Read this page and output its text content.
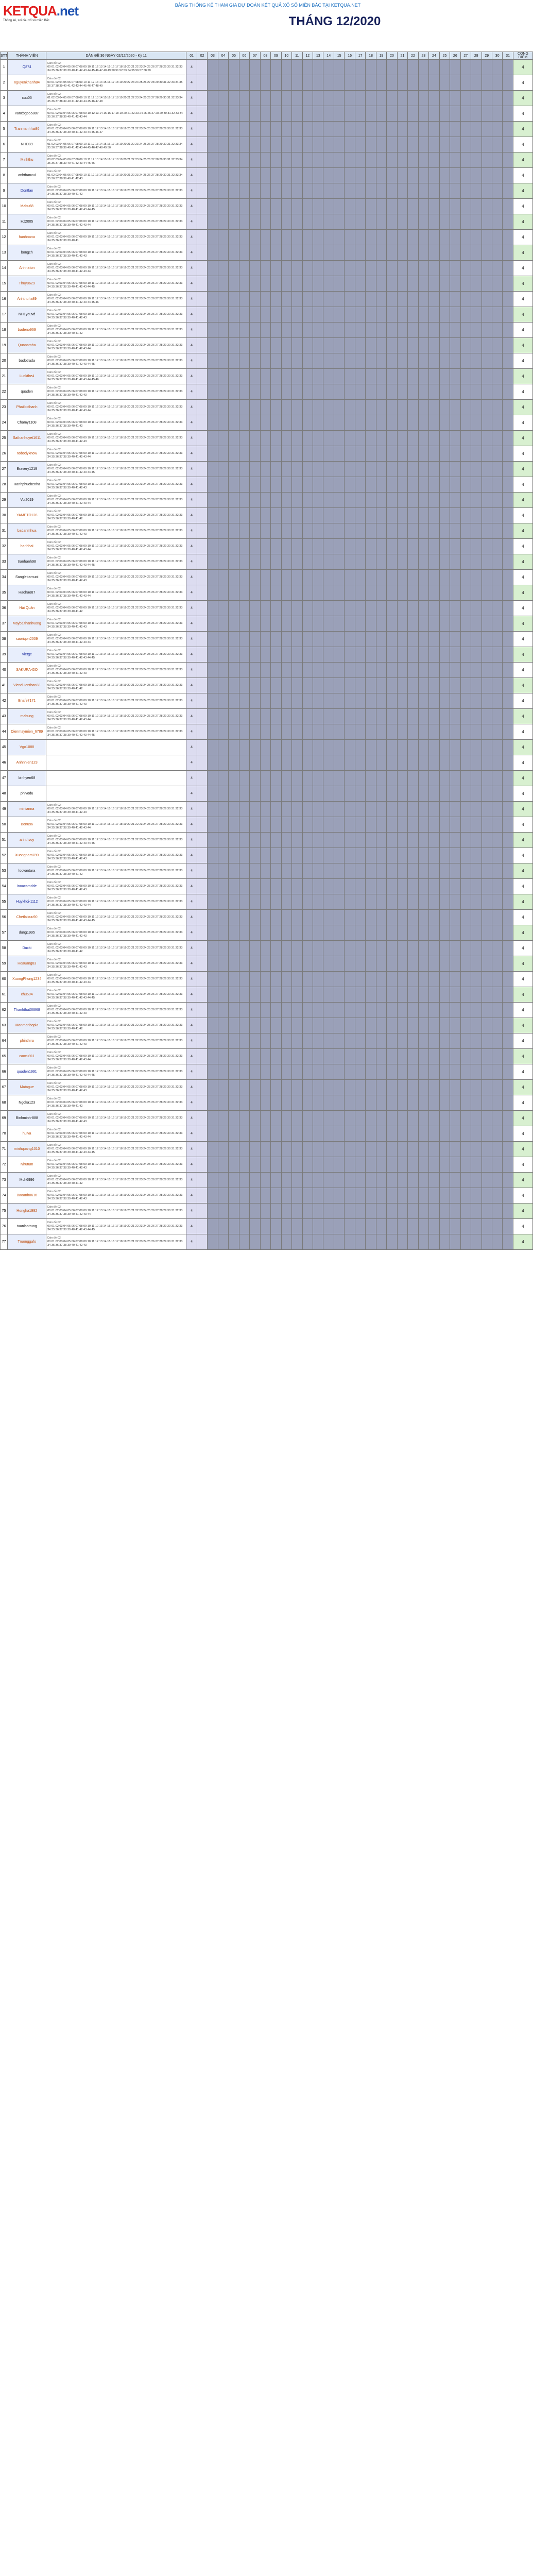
KETQUA.net
Thống kê, soi cầu xổ số miền Bắc
BẢNG THỐNG KÊ THAM GIA DỰ ĐOÁN KẾT QUẢ XỔ SỐ MIỀN BẮC TẠI KETQUA.NET
THÁNG 12/2020
STT	THÀNH VIÊN	DÀN ĐỀ 36 NGÀY 02/12/2020 - Kỳ 11	01	02	03	04	05	06	07	08	09	10	11	12	13	14	15	16	17	18	19	20	21	22	23	24	25	26	27	28	29	30	31	CỘNG ĐIỂM
1	Q874	Dàn đề 02:
00 01 02 03 04 05 06 07 08 09 10 11 12 13 14 15 16 17 18 19 20 21 22 23 24 25 26 27 28 29 30 31 32 33 34 35 36 37 38 39 40 41 42 43 44 45 46 47 48 49 50 51 52 53 54 55 56 57 58 59	4																															4
2	nguyenkhanh84	Dàn đề 02:
00 01 02 04 05 06 07 08 09 10 11 12 13 14 15 16 17 18 19 20 22 23 24 25 26 27 28 29 30 31 32 33 34 35 36 37 38 39 40 41 42 43 44 45 46 47 48 49	4																															4
3	cuu05	Dàn đề 02:
01 02 03 04 05 06 07 08 09 10 11 12 13 14 15 16 17 18 19 20 21 22 23 24 25 26 27 28 29 30 31 32 33 34 35 36 37 38 39 40 41 42 43 44 45 46 47 48	4																															4
4	vanxbgo55887	Dàn đề 02:
00 01 02 03 04 05 06 07 08 09 10 12 13 14 15 16 17 18 19 20 21 22 23 24 25 26 27 28 29 30 31 32 33 34 35 36 37 38 39 40 41 42 43 44	4																															4
5	Tranmanhhai86	Dàn đề 02:
00 01 02 03 04 05 06 07 08 09 10 11 12 13 14 15 16 17 18 19 20 21 22 23 24 25 26 27 28 29 30 31 32 33 34 35 36 37 38 39 40 41 42 43 44 45 46 47	4																															4
6	NHD89	Dàn đề 02:
01 02 03 04 05 06 07 08 09 10 11 12 13 14 15 16 17 18 19 20 21 22 23 24 25 26 27 28 29 30 31 32 33 34 35 36 37 38 39 40 41 42 43 44 45 46 47 48 49 50	4																															4
7	Minhthu	Dàn đề 02:
00 02 03 04 05 06 07 08 09 10 11 12 13 14 15 16 17 18 19 20 21 22 23 24 25 26 27 28 29 30 31 32 33 34 35 36 37 38 39 40 41 42 43 44 45 46	4																															4
8	anhthanvui	Dàn đề 02:
01 02 03 04 05 06 07 08 09 10 11 12 13 14 15 16 17 18 19 20 21 22 23 24 25 26 27 28 29 30 31 32 33 34 35 36 37 38 39 40 41 42 43	4																															4
9	Dontfan	Dàn đề 02:
00 01 02 03 04 05 06 07 08 09 10 11 12 13 14 15 16 17 18 19 20 21 22 23 24 25 26 27 28 29 30 31 32 33 34 35 36 37 38 39 40 41 42	4																															4
10	Mabu68	Dàn đề 02:
00 01 02 03 04 05 06 07 08 09 10 11 12 13 14 15 16 17 18 19 20 21 22 23 24 25 26 27 28 29 30 31 32 33 34 35 36 37 38 39 40 41 42 43 44 45	4																															4
11	Hz2005	Dàn đề 02:
00 01 02 03 04 05 06 07 08 09 10 11 12 13 14 15 16 17 18 19 20 21 22 23 24 25 26 27 28 29 30 31 32 33 34 35 36 37 38 39 40 41 42 43 44	4																															4
12	hanhnana	Dàn đề 02:
00 01 02 03 04 05 06 07 08 09 10 11 12 13 14 15 16 17 18 19 20 21 22 23 24 25 26 27 28 29 30 31 32 33 34 35 36 37 38 39 40 41	4																															4
13	bongch	Dàn đề 02:
00 01 02 03 04 05 06 07 08 09 10 11 12 13 14 15 16 17 18 19 20 21 22 23 24 25 26 27 28 29 30 31 32 33 34 35 36 37 38 39 40 41 42 43	4																															4
14	Anhnaton	Dàn đề 02:
00 01 02 03 04 05 06 07 08 09 10 11 12 13 14 15 16 17 18 19 20 21 22 23 24 25 26 27 28 29 30 31 32 33 34 35 36 37 38 39 40 41 42 43 44	4																															4
15	Thuy8629	Dàn đề 02:
00 01 02 03 04 05 06 07 08 09 10 11 12 13 14 15 16 17 18 19 20 21 22 23 24 25 26 27 28 29 30 31 32 33 34 35 36 37 38 39 40 41 42 43 44 45	4																															4
16	Anhthuha89	Dàn đề 02:
00 01 02 03 04 05 06 07 08 09 10 11 12 13 14 15 16 17 18 19 20 21 22 23 24 25 26 27 28 29 30 31 32 33 34 35 36 37 38 39 40 41 42 43 44 45 46	4																															4
17	NH1yeuvd	Dàn đề 02:
00 01 02 03 04 05 06 07 08 09 10 11 12 13 14 15 16 17 18 19 20 21 22 23 24 25 26 27 28 29 30 31 32 33 34 35 36 37 38 39 40 41 42 43	4																															4
18	badeno969	Dàn đề 02:
00 01 02 03 04 05 06 07 08 09 10 11 12 13 14 15 16 17 18 19 20 21 22 23 24 25 26 27 28 29 30 31 32 33 34 35 36 37 38 39 40 41 42	4																															4
19	Quanamha	Dàn đề 02:
00 01 02 03 04 05 06 07 08 09 10 11 12 13 14 15 16 17 18 19 20 21 22 23 24 25 26 27 28 29 30 31 32 33 34 35 36 37 38 39 40 41 42 43 44	4																															4
20	badotrada	Dàn đề 02:
00 01 02 03 04 05 06 07 08 09 10 11 12 13 14 15 16 17 18 19 20 21 22 23 24 25 26 27 28 29 30 31 32 33 34 35 36 37 38 39 40 41 42 43 44 45	4																															4
21	Luckthe4	Dàn đề 02:
00 01 02 03 04 05 06 07 08 09 10 11 12 13 14 15 16 17 18 19 20 21 22 23 24 25 26 27 28 29 30 31 32 33 34 35 36 37 38 39 40 41 42 43 44 45 46	4																															4
22	quaden	Dàn đề 02:
00 01 02 03 04 05 06 07 08 09 10 11 12 13 14 15 16 17 18 19 20 21 22 23 24 25 26 27 28 29 30 31 32 33 34 35 36 37 38 39 40 41 42 43	4																															4
23	Phatlocthanh	Dàn đề 02:
00 01 02 03 04 05 06 07 08 09 10 11 12 13 14 15 16 17 18 19 20 21 22 23 24 25 26 27 28 29 30 31 32 33 34 35 36 37 38 39 40 41 42 43 44	4																															4
24	Chamy1108	Dàn đề 02:
00 01 02 03 04 05 06 07 08 09 10 11 12 13 14 15 16 17 18 19 20 21 22 23 24 25 26 27 28 29 30 31 32 33 34 35 36 37 38 39 40 41 42	4																															4
25	Sathanhuyet1611	Dàn đề 02:
00 01 02 03 04 05 06 07 08 09 10 11 12 13 14 15 16 17 18 19 20 21 22 23 24 25 26 27 28 29 30 31 32 33 34 35 36 37 38 39 40 41 42 43	4																															4
26	nobodyknow	Dàn đề 02:
00 01 02 03 04 05 06 07 08 09 10 11 12 13 14 15 16 17 18 19 20 21 22 23 24 25 26 27 28 29 30 31 32 33 34 35 36 37 38 39 40 41 42 43 44	4																															4
27	Bravery1219	Dàn đề 02:
00 01 02 03 04 05 06 07 08 09 10 11 12 13 14 15 16 17 18 19 20 21 22 23 24 25 26 27 28 29 30 31 32 33 34 35 36 37 38 39 40 41 42 43 44 45	4																															4
28	Hanhphucbenha	Dàn đề 02:
00 01 02 03 04 05 06 07 08 09 10 11 12 13 14 15 16 17 18 19 20 21 22 23 24 25 26 27 28 29 30 31 32 33 34 35 36 37 38 39 40 41 42 43	4																															4
29	Vui2019	Dàn đề 02:
00 01 02 03 04 05 06 07 08 09 10 11 12 13 14 15 16 17 18 19 20 21 22 23 24 25 26 27 28 29 30 31 32 33 34 35 36 37 38 39 40 41 42 43 44	4																															4
30	YAMETO128	Dàn đề 02:
00 01 02 03 04 05 06 07 08 09 10 11 12 13 14 15 16 17 18 19 20 21 22 23 24 25 26 27 28 29 30 31 32 33 34 35 36 37 38 39 40 41 42	4																															4
31	badanmhua	Dàn đề 02:
00 01 02 03 04 05 06 07 08 09 10 11 12 13 14 15 16 17 18 19 20 21 22 23 24 25 26 27 28 29 30 31 32 33 34 35 36 37 38 39 40 41 42 43	4																															4
32	hanhhai	Dàn đề 02:
00 01 02 03 04 05 06 07 08 09 10 11 12 13 14 15 16 17 18 19 20 21 22 23 24 25 26 27 28 29 30 31 32 33 34 35 36 37 38 39 40 41 42 43 44	4																															4
33	tranhanh98	Dàn đề 02:
00 01 02 03 04 05 06 07 08 09 10 11 12 13 14 15 16 17 18 19 20 21 22 23 24 25 26 27 28 29 30 31 32 33 34 35 36 37 38 39 40 41 42 43 44 45	4																															4
34	Sanglebamuoi	Dàn đề 02:
00 01 02 03 04 05 06 07 08 09 10 11 12 13 14 15 16 17 18 19 20 21 22 23 24 25 26 27 28 29 30 31 32 33 34 35 36 37 38 39 40 41 42 43	4																															4
35	Haohao87	Dàn đề 02:
00 01 02 03 04 05 06 07 08 09 10 11 12 13 14 15 16 17 18 19 20 21 22 23 24 25 26 27 28 29 30 31 32 33 34 35 36 37 38 39 40 41 42 43 44	4																															4
36	Hài Quân	Dàn đề 02:
00 01 02 03 04 05 06 07 08 09 10 11 12 13 14 15 16 17 18 19 20 21 22 23 24 25 26 27 28 29 30 31 32 33 34 35 36 37 38 39 40 41 42	4																															4
37	Maybaithanhvong	Dàn đề 02:
00 01 02 03 04 05 06 07 08 09 10 11 12 13 14 15 16 17 18 19 20 21 22 23 24 25 26 27 28 29 30 31 32 33 34 35 36 37 38 39 40 41 42 43	4																															4
38	saoriqon2009	Dàn đề 02:
00 01 02 03 04 05 06 07 08 09 10 11 12 13 14 15 16 17 18 19 20 21 22 23 24 25 26 27 28 29 30 31 32 33 34 35 36 37 38 39 40 41 42 43 44	4																															4
39	Vietge	Dàn đề 02:
00 01 02 03 04 05 06 07 08 09 10 11 12 13 14 15 16 17 18 19 20 21 22 23 24 25 26 27 28 29 30 31 32 33 34 35 36 37 38 39 40 41 42 43 44 45	4																															4
40	SAKURA-GO	Dàn đề 02:
00 01 02 03 04 05 06 07 08 09 10 11 12 13 14 15 16 17 18 19 20 21 22 23 24 25 26 27 28 29 30 31 32 33 34 35 36 37 38 39 40 41 42 43	4																															4
41	Vienduienthan88	Dàn đề 02:
00 01 02 03 04 05 06 07 08 09 10 11 12 13 14 15 16 17 18 19 20 21 22 23 24 25 26 27 28 29 30 31 32 33 34 35 36 37 38 39 40 41 42	4																															4
42	Bnafe7171	Dàn đề 02:
00 01 02 03 04 05 06 07 08 09 10 11 12 13 14 15 16 17 18 19 20 21 22 23 24 25 26 27 28 29 30 31 32 33 34 35 36 37 38 39 40 41 42 43	4																															4
43	mabung	Dàn đề 02:
00 01 02 03 04 05 06 07 08 09 10 11 12 13 14 15 16 17 18 19 20 21 22 23 24 25 26 27 28 29 30 31 32 33 34 35 36 37 38 39 40 41 42 43 44	4																															4
44	Dienmaymien_6789	Dàn đề 02:
00 01 02 03 04 05 06 07 08 09 10 11 12 13 14 15 16 17 18 19 20 21 22 23 24 25 26 27 28 29 30 31 32 33 34 35 36 37 38 39 40 41 42 43 44 45	4																															4
45	Vgo1088		4																															4
46	Anhnhien123		4																															4
47	binhyen68		4																															4
48	phivodu		4																															4
49	minianna	Dàn đề 02:
00 01 02 03 04 05 06 07 08 09 10 11 12 13 14 15 16 17 18 19 20 21 22 23 24 25 26 27 28 29 30 31 32 33 34 35 36 37 38 39 40 41 42 43	4																															4
50	Bonus6	Dàn đề 02:
00 01 02 03 04 05 06 07 08 09 10 11 12 13 14 15 16 17 18 19 20 21 22 23 24 25 26 27 28 29 30 31 32 33 34 35 36 37 38 39 40 41 42 43 44	4																															4
51	anhthvuy	Dàn đề 02:
00 01 02 03 04 05 06 07 08 09 10 11 12 13 14 15 16 17 18 19 20 21 22 23 24 25 26 27 28 29 30 31 32 33 34 35 36 37 38 39 40 41 42 43 44 45	4																															4
52	Xuongnam789	Dàn đề 02:
00 01 02 03 04 05 06 07 08 09 10 11 12 13 14 15 16 17 18 19 20 21 22 23 24 25 26 27 28 29 30 31 32 33 34 35 36 37 38 39 40 41 42 43	4																															4
53	locvantara	Dàn đề 02:
00 01 02 03 04 05 06 07 08 09 10 11 12 13 14 15 16 17 18 19 20 21 22 23 24 25 26 27 28 29 30 31 32 33 34 35 36 37 38 39 40 41 42	4																															4
54	inoacamdde	Dàn đề 02:
00 01 02 03 04 05 06 07 08 09 10 11 12 13 14 15 16 17 18 19 20 21 22 23 24 25 26 27 28 29 30 31 32 33 34 35 36 37 38 39 40 41 42 43	4																															4
55	Huykhoi-1112	Dàn đề 02:
00 01 02 03 04 05 06 07 08 09 10 11 12 13 14 15 16 17 18 19 20 21 22 23 24 25 26 27 28 29 30 31 32 33 34 35 36 37 38 39 40 41 42 43 44	4																															4
56	Chetlaixuu90	Dàn đề 02:
00 01 02 03 04 05 06 07 08 09 10 11 12 13 14 15 16 17 18 19 20 21 22 23 24 25 26 27 28 29 30 31 32 33 34 35 36 37 38 39 40 41 42 43 44 45	4																															4
57	dung1995	Dàn đề 02:
00 01 02 03 04 05 06 07 08 09 10 11 12 13 14 15 16 17 18 19 20 21 22 23 24 25 26 27 28 29 30 31 32 33 34 35 36 37 38 39 40 41 42 43	4																															4
58	Ducki	Dàn đề 02:
00 01 02 03 04 05 06 07 08 09 10 11 12 13 14 15 16 17 18 19 20 21 22 23 24 25 26 27 28 29 30 31 32 33 34 35 36 37 38 39 40 41 42	4																															4
59	Hoauang83	Dàn đề 02:
00 01 02 03 04 05 06 07 08 09 10 11 12 13 14 15 16 17 18 19 20 21 22 23 24 25 26 27 28 29 30 31 32 33 34 35 36 37 38 39 40 41 42 43	4																															4
60	XuongPhong1234	Dàn đề 02:
00 01 02 03 04 05 06 07 08 09 10 11 12 13 14 15 16 17 18 19 20 21 22 23 24 25 26 27 28 29 30 31 32 33 34 35 36 37 38 39 40 41 42 43 44	4																															4
61	chu504	Dàn đề 02:
00 01 02 03 04 05 06 07 08 09 10 11 12 13 14 15 16 17 18 19 20 21 22 23 24 25 26 27 28 29 30 31 32 33 34 35 36 37 38 39 40 41 42 43 44 45	4																															4
62	Thanhthat06868	Dàn đề 02:
00 01 02 03 04 05 06 07 08 09 10 11 12 13 14 15 16 17 18 19 20 21 22 23 24 25 26 27 28 29 30 31 32 33 34 35 36 37 38 39 40 41 42 43	4																															4
63	Manmanbopia	Dàn đề 02:
00 01 02 03 04 05 06 07 08 09 10 11 12 13 14 15 16 17 18 19 20 21 22 23 24 25 26 27 28 29 30 31 32 33 34 35 36 37 38 39 40 41 42	4																															4
64	phinthira	Dàn đề 02:
00 01 02 03 04 05 06 07 08 09 10 11 12 13 14 15 16 17 18 19 20 21 22 23 24 25 26 27 28 29 30 31 32 33 34 35 36 37 38 39 40 41 42 43	4																															4
65	caoxu911	Dàn đề 02:
00 01 02 03 04 05 06 07 08 09 10 11 12 13 14 15 16 17 18 19 20 21 22 23 24 25 26 27 28 29 30 31 32 33 34 35 36 37 38 39 40 41 42 43 44	4																															4
66	quaden1991	Dàn đề 02:
00 01 02 03 04 05 06 07 08 09 10 11 12 13 14 15 16 17 18 19 20 21 22 23 24 25 26 27 28 29 30 31 32 33 34 35 36 37 38 39 40 41 42 43 44 45	4																															4
67	Matague	Dàn đề 02:
00 01 02 03 04 05 06 07 08 09 10 11 12 13 14 15 16 17 18 19 20 21 22 23 24 25 26 27 28 29 30 31 32 33 34 35 36 37 38 39 40 41 42 43	4																															4
68	Ngoka123	Dàn đề 02:
00 01 02 03 04 05 06 07 08 09 10 11 12 13 14 15 16 17 18 19 20 21 22 23 24 25 26 27 28 29 30 31 32 33 34 35 36 37 38 39 40 41 42	4																															4
69	Binhminh-888	Dàn đề 02:
00 01 02 03 04 05 06 07 08 09 10 11 12 13 14 15 16 17 18 19 20 21 22 23 24 25 26 27 28 29 30 31 32 33 34 35 36 37 38 39 40 41 42 43	4																															4
70	huiva	Dàn đề 02:
00 01 02 03 04 05 06 07 08 09 10 11 12 13 14 15 16 17 18 19 20 21 22 23 24 25 26 27 28 29 30 31 32 33 34 35 36 37 38 39 40 41 42 43 44	4																															4
71	minhquang1010	Dàn đề 02:
00 01 02 03 04 05 06 07 08 09 10 11 12 13 14 15 16 17 18 19 20 21 22 23 24 25 26 27 28 29 30 31 32 33 34 35 36 37 38 39 40 41 42 43 44 45	4																															4
72	Nhutum	Dàn đề 02:
00 01 02 03 04 05 06 07 08 09 10 11 12 13 14 15 16 17 18 19 20 21 22 23 24 25 26 27 28 29 30 31 32 33 34 35 36 37 38 39 40 41 42 43	4																															4
73	Mch6996	Dàn đề 02:
00 01 02 03 04 05 06 07 08 09 10 11 12 13 14 15 16 17 18 19 20 21 22 23 24 25 26 27 28 29 30 31 32 33 34 35 36 37 38 39 40 41 42	4																															4
74	Baoanh0616	Dàn đề 02:
00 01 02 03 04 05 06 07 08 09 10 11 12 13 14 15 16 17 18 19 20 21 22 23 24 25 26 27 28 29 30 31 32 33 34 35 36 37 38 39 40 41 42 43	4																															4
75	Hongha1992	Dàn đề 02:
00 01 02 03 04 05 06 07 08 09 10 11 12 13 14 15 16 17 18 19 20 21 22 23 24 25 26 27 28 29 30 31 32 33 34 35 36 37 38 39 40 41 42 43 44	4																															4
76	tuanlaotrung	Dàn đề 02:
00 01 02 03 04 05 06 07 08 09 10 11 12 13 14 15 16 17 18 19 20 21 22 23 24 25 26 27 28 29 30 31 32 33 34 35 36 37 38 39 40 41 42 43 44 45	4																															4
77	Truonggafo	Dàn đề 02:
00 01 02 03 04 05 06 07 08 09 10 11 12 13 14 15 16 17 18 19 20 21 22 23 24 25 26 27 28 29 30 31 32 33 34 35 36 37 38 39 40 41 42 43	4																															4
